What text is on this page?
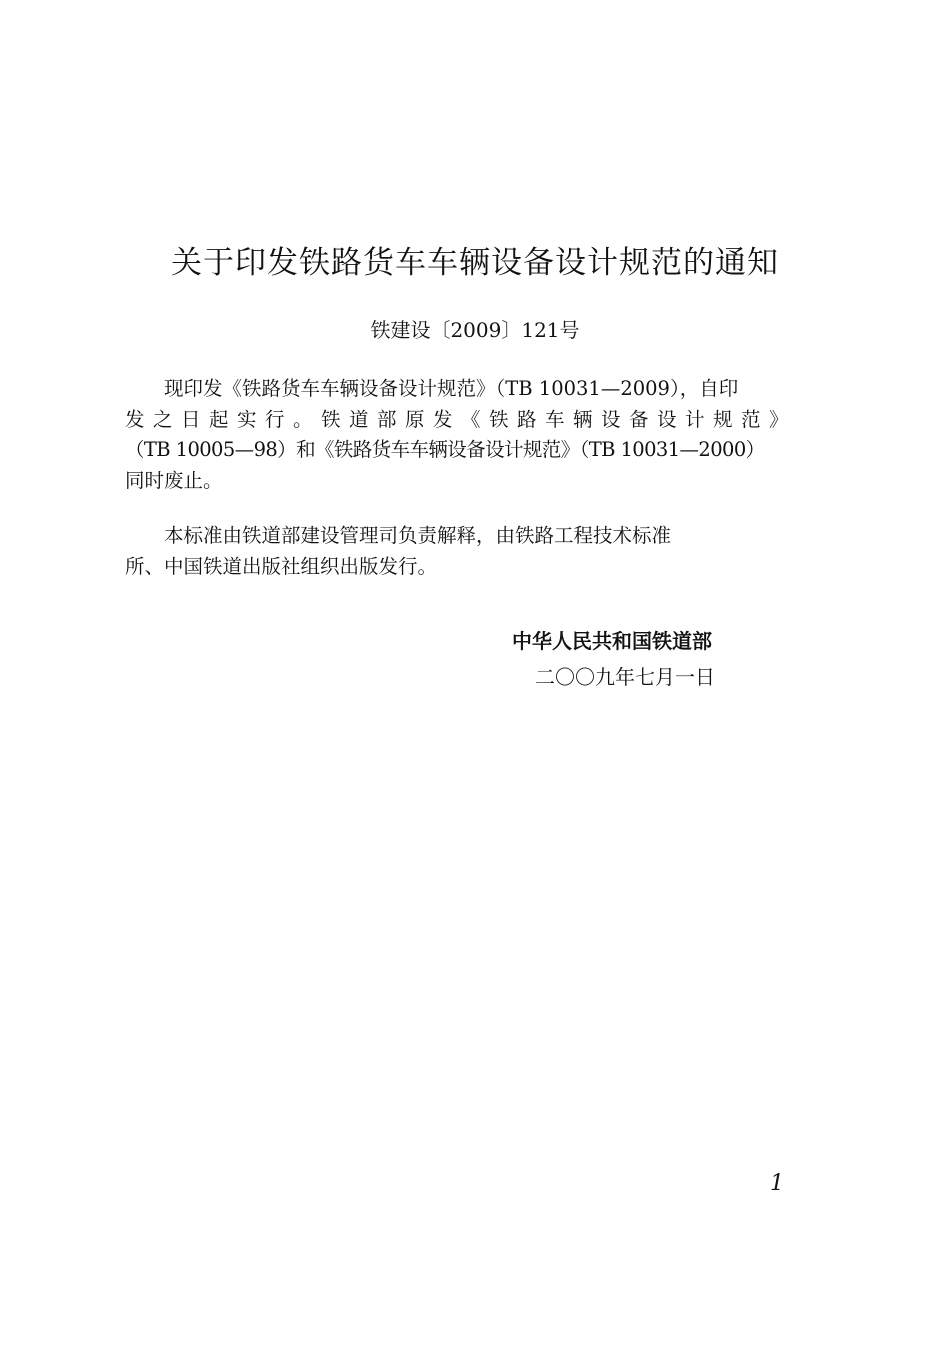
关于印发铁路货车车辆设备设计规范的通知
铁建设〔2009〕121号
现印发《铁路货车车辆设备设计规范》（TB 10031—2009），自印
发之日起实行。铁道部原发《铁路车辆设备设计规范》
（TB 10005—98）和《铁路货车车辆设备设计规范》（TB 10031—2000）
同时废止。
本标准由铁道部建设管理司负责解释，由铁路工程技术标准
所、中国铁道出版社组织出版发行。
中华人民共和国铁道部
二〇〇九年七月一日
1
